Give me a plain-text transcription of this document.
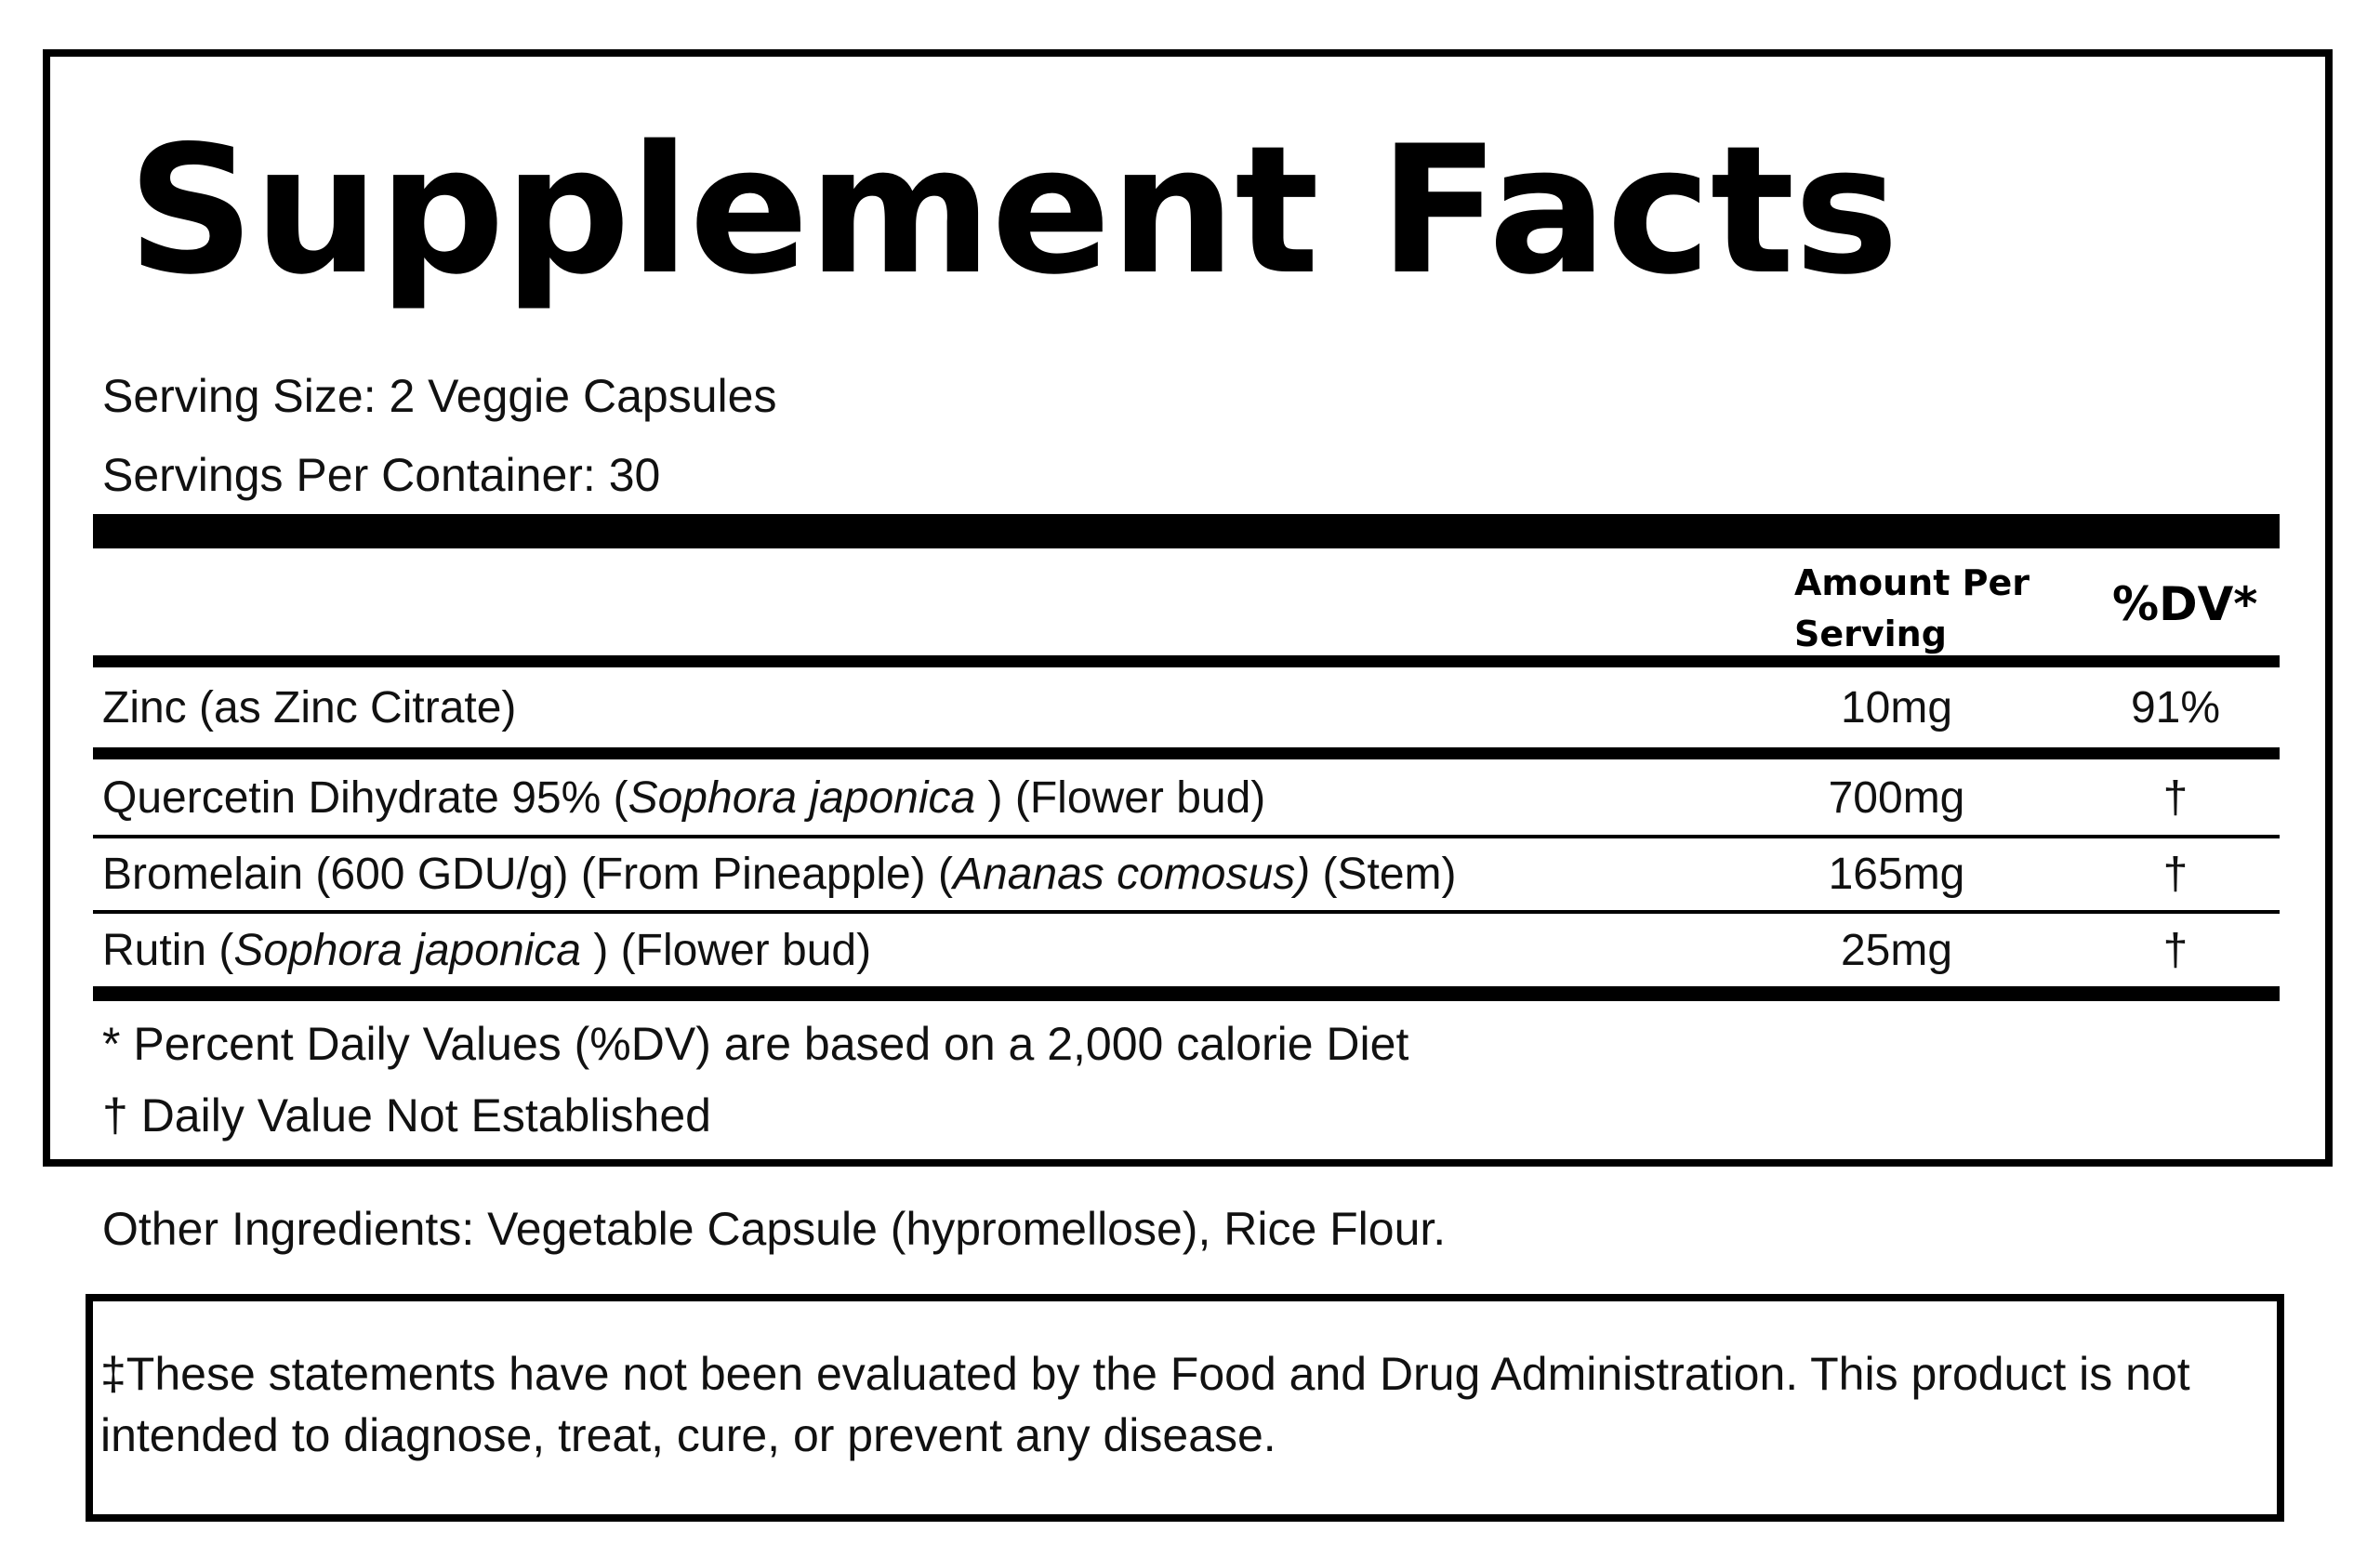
Supplement Facts
Serving Size: 2 Veggie Capsules
Servings Per Container: 30
Amount Per
Serving
%DV*
Zinc (as Zinc Citrate)	10mg	91%
Quercetin Dihydrate 95% (Sophora japonica ) (Flower bud)	700mg	†
Bromelain (600 GDU/g) (From Pineapple) (Ananas comosus) (Stem)	165mg	†
Rutin (Sophora japonica ) (Flower bud)	25mg	†
* Percent Daily Values (%DV) are based on a 2,000 calorie Diet
† Daily Value Not Established
Other Ingredients: Vegetable Capsule (hypromellose), Rice Flour.
‡These statements have not been evaluated by the Food and Drug Administration. This product is not intended to diagnose, treat, cure, or prevent any disease.
